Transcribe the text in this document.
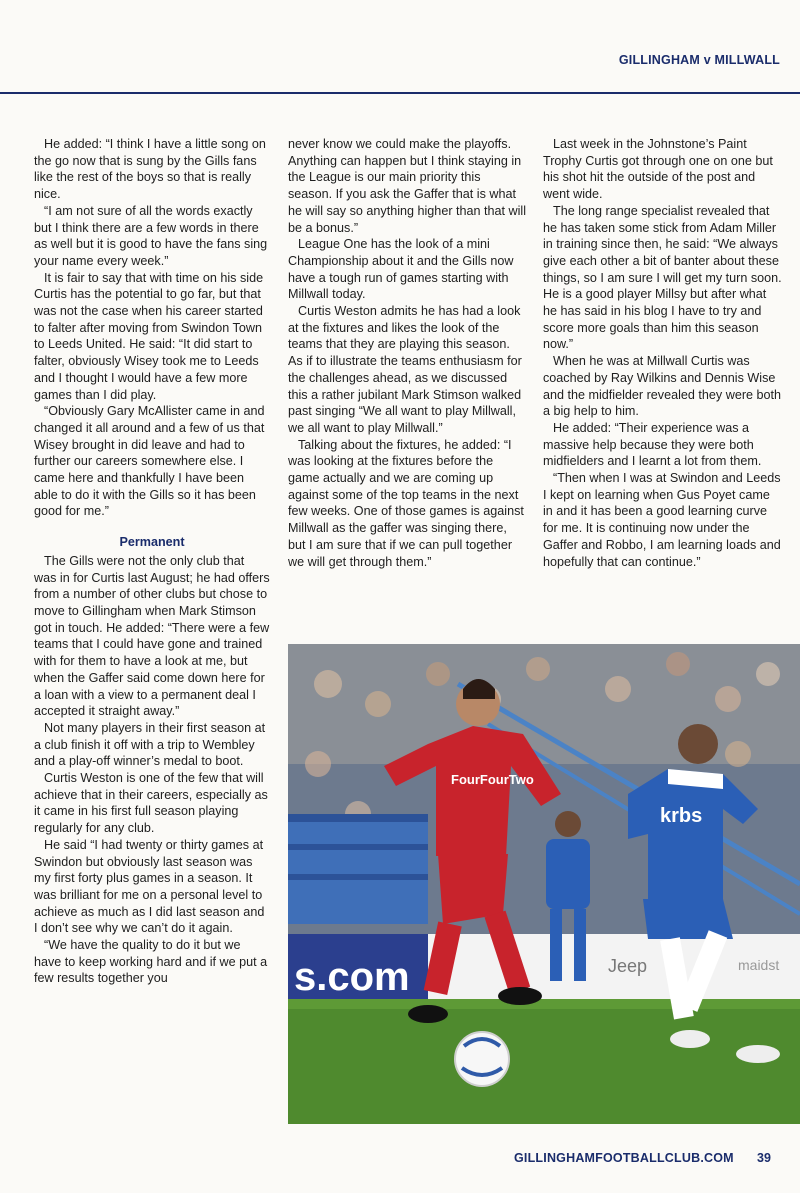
GILLINGHAM v MILLWALL

He added: “I think I have a little song on the go now that is sung by the Gills fans like the rest of the boys so that is really nice.

“I am not sure of all the words exactly but I think there are a few words in there as well but it is good to have the fans sing your name every week.”

It is fair to say that with time on his side Curtis has the potential to go far, but that was not the case when his career started to falter after moving from Swindon Town to Leeds United. He said: “It did start to falter, obviously Wisey took me to Leeds and I thought I would have a few more games than I did play.

“Obviously Gary McAllister came in and changed it all around and a few of us that Wisey brought in did leave and had to further our careers somewhere else. I came here and thankfully I have been able to do it with the Gills so it has been good for me.”

Permanent

The Gills were not the only club that was in for Curtis last August; he had offers from a number of other clubs but chose to move to Gillingham when Mark Stimson got in touch. He added: “There were a few teams that I could have gone and trained with for them to have a look at me, but when the Gaffer said come down here for a loan with a view to a permanent deal I accepted it straight away.”

Not many players in their first season at a club finish it off with a trip to Wembley and a play-off winner’s medal to boot.

Curtis Weston is one of the few that will achieve that in their careers, especially as it came in his first full season playing regularly for any club.

He said “I had twenty or thirty games at Swindon but obviously last season was my first forty plus games in a season. It was brilliant for me on a personal level to achieve as much as I did last season and I don’t see why we can’t do it again.

“We have the quality to do it but we have to keep working hard and if we put a few results together you

never know we could make the playoffs. Anything can happen but I think staying in the League is our main priority this season. If you ask the Gaffer that is what he will say so anything higher than that will be a bonus.”

League One has the look of a mini Championship about it and the Gills now have a tough run of games starting with Millwall today.

Curtis Weston admits he has had a look at the fixtures and likes the look of the teams that they are playing this season. As if to illustrate the teams enthusiasm for the challenges ahead, as we discussed this a rather jubilant Mark Stimson walked past singing “We all want to play Millwall, we all want to play Millwall.”

Talking about the fixtures, he added: “I was looking at the fixtures before the game actually and we are coming up against some of the top teams in the next few weeks. One of those games is against Millwall as the gaffer was singing there, but I am sure that if we can pull together we will get through them.”

Last week in the Johnstone’s Paint Trophy Curtis got through one on one but his shot hit the outside of the post and went wide.

The long range specialist revealed that he has taken some stick from Adam Miller in training since then, he said: “We always give each other a bit of banter about these things, so I am sure I will get my turn soon. He is a good player Millsy but after what he has said in his blog I have to try and score more goals than him this season now.”

When he was at Millwall Curtis was coached by Ray Wilkins and Dennis Wise and the midfielder revealed they were both a big help to him.

He added: “Their experience was a massive help because they were both midfielders and I learnt a lot from them.

“Then when I was at Swindon and Leeds I kept on learning when Gus Poyet came in and it has been a good learning curve for me. It is continuing now under the Gaffer and Robbo, I am learning loads and hopefully that can continue.”

s.com	Jeep	maidst
FourFourTwo
krbs
GILLINGHAMFOOTBALLCLUB.COM 39
